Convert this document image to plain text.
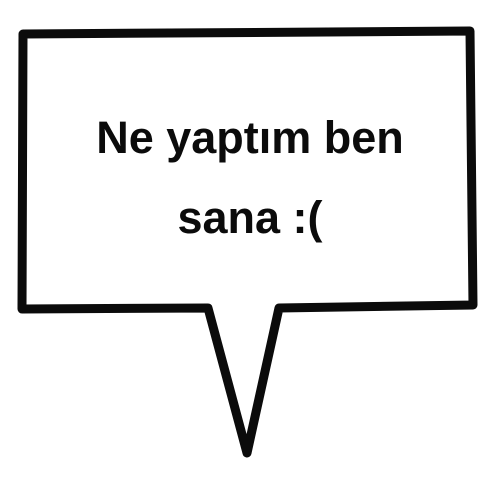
Ne yaptım ben
sana :(
